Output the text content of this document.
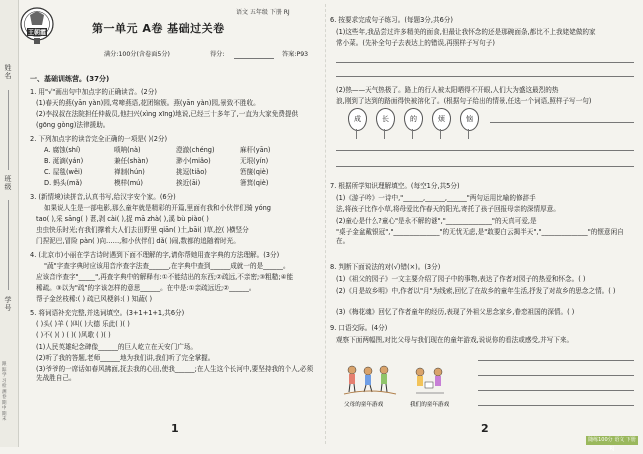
姓名
班级
学号
跟踪学习检测卷 期中期末
王朝霞
语文 五年级 下册 RJ
第一单元 A卷 基础过关卷
满分:100分(含卷面5分)	得分:	答案:P93
一、基础训练营。(37分)
1. 用"√"画出句中加点字的正确读音。(2分)
(1)春天的燕(yān yàn)园,莺啼燕语,花团锦簇。燕(yān yàn)园,景致不胜收。
(2)李叔叔在法院担任仲裁员,他扫兴(xìng xīng)地说,已经三十多年了,一直为大家免费提供
(gōng gòng)法律援助。
2. 下列加点字的读音完全正确的一项是( )(2分)
A. 腐蚀(shí)	唢呐(nà)	澄澈(chéng)	麻秆(yān)
B. 涎滴(yán)	兼任(shàn)	渺小(miǎo)	无垠(yín)
C. 屋毯(wěi)	禅制(hún)	挑逗(tiǎo)	箬箧(qiè)
D. 蚂头(mǎ)	模样(mú)	挨近(āi)	箸箕(qiè)
3. (新情境)读拼音,认真书写,给汉字安个家。(6分)
如果说人生是一部电影,那么童年就是精彩的开篇,里面有我和小伙伴们骑 yóng
tao( ),采 sāng( ) 葚,剥 cài( ),捉 mā zhà( ),溪 bù piào( )
虫虫快乐时光;有我们撑着大人们去田野里 qiān( )土,bāi( )草,挖( )横竖分
门捏泥巴,冒险 pàn( )向……,和小伙伴们 dǎ( )闹,数都的追随着时光。
4. (北京市)小丽在学古诗时遇到下面不理解的字,请你帮她用查字典的方法理解。(3分)
"蔬"字查字典时应该用音序查字法查______,在字典中查到______成就一的是______。
应该音序查字"_____",再查字典中的解释有:①不能结出的东西;②疏远,不亲密;③粗糙;④能
稀疏。③以为"疏"的字该怎样的意思______。在中是:①亲疏远近;②______。
帮子金丝枝稀:( ) 疏已风梗斜:( ) 知蔬( )
5. 将词语补充完整,并选词填空。(3+1+1+1,共6分)
( )头( )羊 ( )叫( )大德 乐此( )( )
( )不( )( ) ( )( )风歌 ( )( )
(1)人民英雄纪念碑像______的巨人屹立在天安门广场。
(2)听了我的答题,老师______地为我们讲,我们听了完全掌握。
(3)爷爷的一席话如春风拂面,抚去我的心田,使我______;在人生这个长河中,要坚持我的个人,必须先战胜自己。
1
6. 按要求完成句子练习。(每题3分,共6分)
(1)这些年,我品尝过许多精美的面食,但最让我怀念的还是那碗面条,都比不上我姥姥做的家
常小菜。(先补全句子去表达上的错误,再照样子写句子)
(2)热——天气热极了。路上的行人被太阳晒得不开眼,人们大为盛这最烈的热
浪,刚到了达到的路面得快被溶化了。(根据句子给出的情景,任选一个词语,照样子写一句)
成	长	的	烦	恼
7. 根据所学知识理解填空。(每空1分,共5分)
(1)《游子吟》一诗中,"______,______,______"两句运用比喻的修辞手
法,将孩子比作小草,将母爱比作春天的阳光,寄托了孩子回报母亲的深情厚意。
(2)童心是什么?童心"是永不解的谜","______________"的天真可爱,是
"桌子金盆戴银冠","______________"的无忧无虑,是"敢要白云揭半天","______________"的惬意闲自在。
8. 判断下面说法的对(√)错(×)。(3分)
(1)《祖父的园子》一文主要介绍了园子中的事物,表达了作者对园子的热爱和怀念。( )
(2)《月是故乡明》中,作者以"月"为线索,回忆了在故乡的童年生活,抒发了对故乡的思念之情。( )
(3)《梅花魂》回忆了作者童年的经历,表现了外祖父思念家乡,眷恋祖国的深情。( )
9. 口语交际。(4分)
观察下面两幅图,对比父母与我们现在的童年游戏,说说你的看法或感受,并写下来。
2
父母的童年游戏	我们的童年游戏
随练100分 语文 下册 RJ
